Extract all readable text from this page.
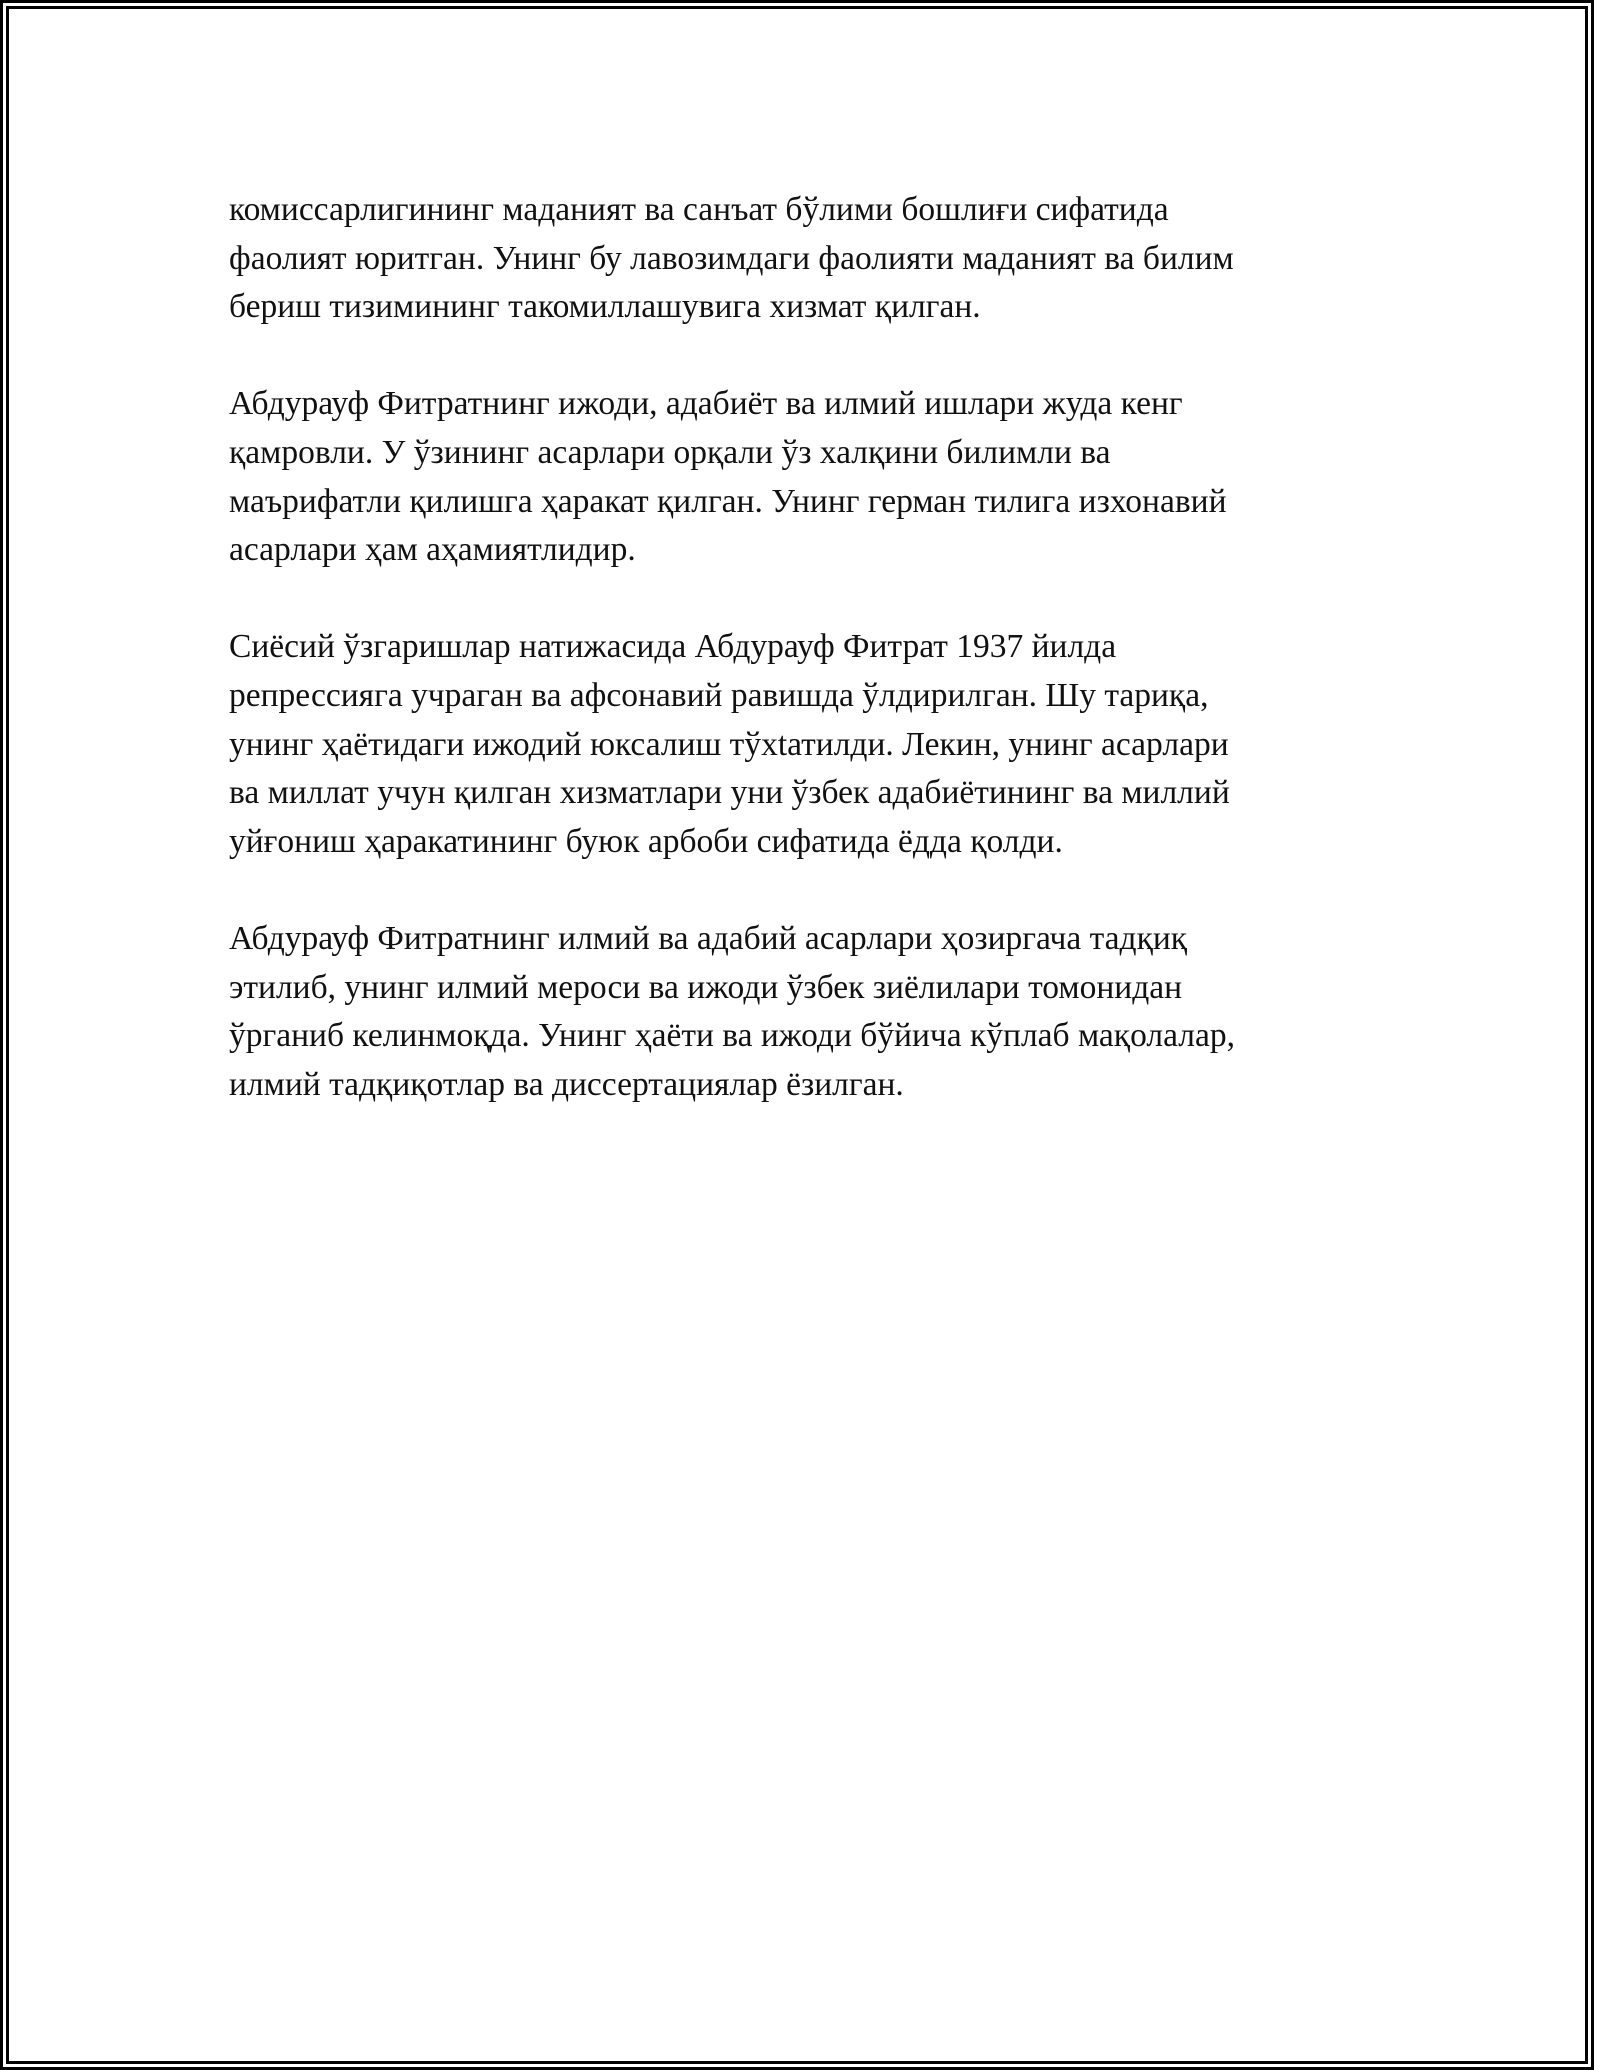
комиссарлигининг маданият ва санъат бўлими бошлиғи сифатида
фаолият юритган. Унинг бу лавозимдаги фаолияти маданият ва билим
бериш тизимининг такомиллашувига хизмат қилган.

Абдурауф Фитратнинг ижоди, адабиёт ва илмий ишлари жуда кенг
қамровли. У ўзининг асарлари орқали ўз халқини билимли ва
маърифатли қилишга ҳаракат қилган. Унинг герман тилига изхонавий
асарлари ҳам аҳамиятлидир.

Сиёсий ўзгаришлар натижасида Абдурауф Фитрат 1937 йилда
репрессияга учраган ва афсонавий равишда ўлдирилган. Шу тариқа,
унинг ҳаётидаги ижодий юксалиш тўхtатилди. Лекин, унинг асарлари
ва миллат учун қилган хизматлари уни ўзбек адабиётининг ва миллий
уйғониш ҳаракатининг буюк арбоби сифатида ёдда қолди.

Абдурауф Фитратнинг илмий ва адабий асарлари ҳозиргача тадқиқ
этилиб, унинг илмий мероси ва ижоди ўзбек зиёлилари томонидан
ўрганиб келинмоқда. Унинг ҳаёти ва ижоди бўйича кўплаб мақолалар,
илмий тадқиқотлар ва диссертациялар ёзилган.
